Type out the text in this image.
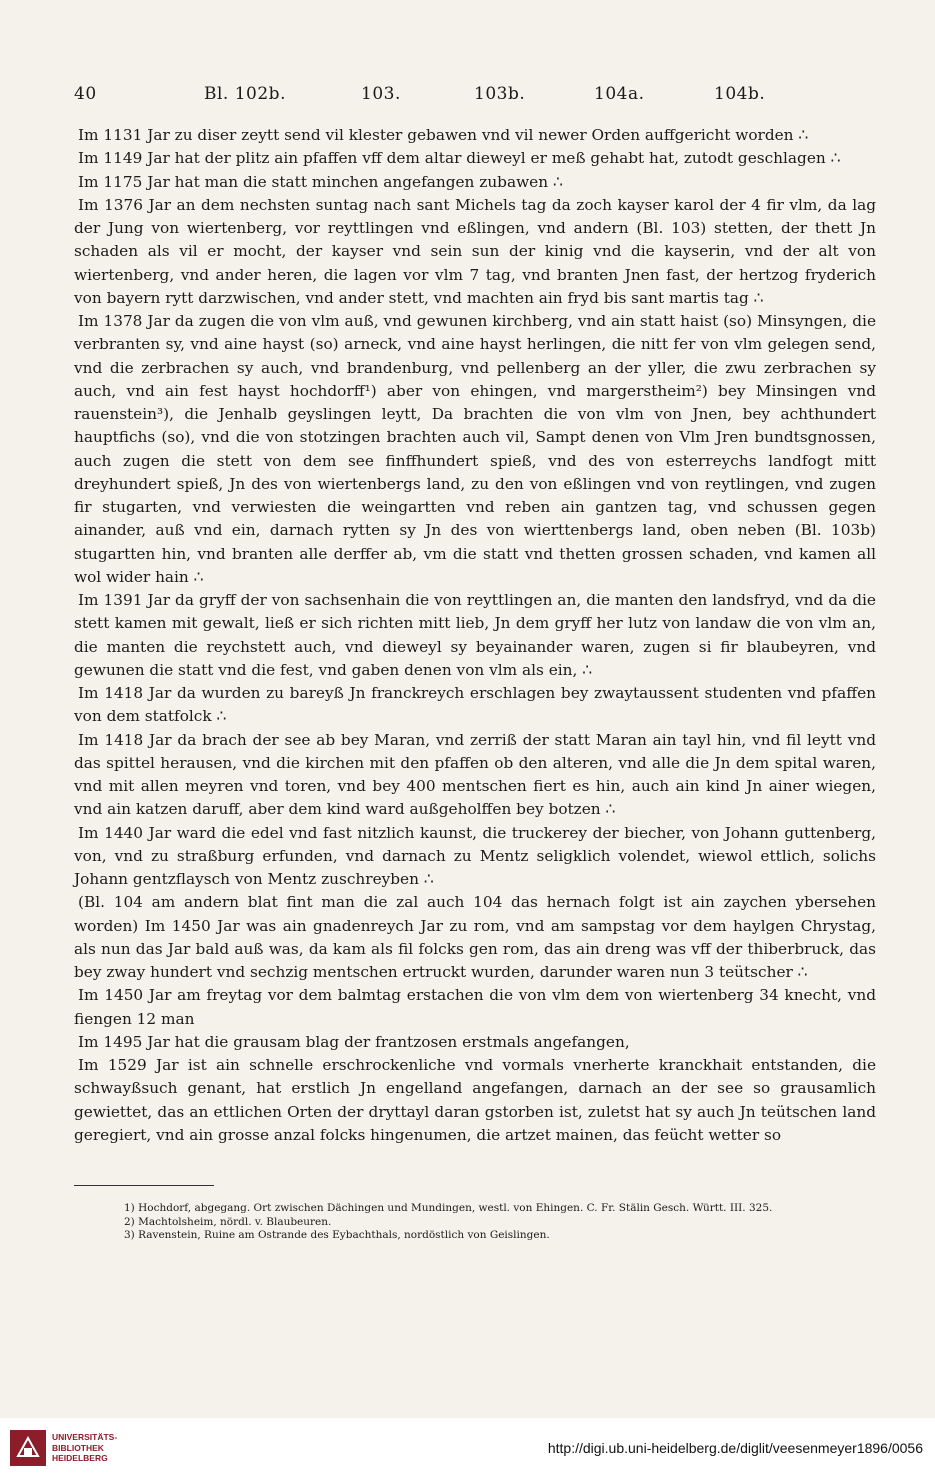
40	Bl. 102b.	103.	103b.	104a.	104b.

Im 1131 Jar zu diser zeytt send vil klester gebawen vnd vil newer Orden auffgericht worden ∴

Im 1149 Jar hat der plitz ain pfaffen vff dem altar dieweyl er meß gehabt hat, zutodt geschlagen ∴

Im 1175 Jar hat man die statt minchen angefangen zubawen ∴

Im 1376 Jar an dem nechsten suntag nach sant Michels tag da zoch kayser karol der 4 fir vlm, da lag der Jung von wiertenberg, vor reyttlingen vnd eßlingen, vnd andern (Bl. 103) stetten, der thett Jn schaden als vil er mocht, der kayser vnd sein sun der kinig vnd die kayserin, vnd der alt von wiertenberg, vnd ander heren, die lagen vor vlm 7 tag, vnd branten Jnen fast, der hertzog fryderich von bayern rytt darzwischen, vnd ander stett, vnd machten ain fryd bis sant martis tag ∴

Im 1378 Jar da zugen die von vlm auß, vnd gewunen kirchberg, vnd ain statt haist (so) Minsyngen, die verbranten sy, vnd aine hayst (so) arneck, vnd aine hayst herlingen, die nitt fer von vlm gelegen send, vnd die zerbrachen sy auch, vnd brandenburg, vnd pellenberg an der yller, die zwu zerbrachen sy auch, vnd ain fest hayst hochdorff¹) aber von ehingen, vnd margerstheim²) bey Minsingen vnd rauenstein³), die Jenhalb geyslingen leytt, Da brachten die von vlm von Jnen, bey achthundert hauptfichs (so), vnd die von stotzingen brachten auch vil, Sampt denen von Vlm Jren bundtsgnossen, auch zugen die stett von dem see finffhundert spieß, vnd des von esterreychs landfogt mitt dreyhundert spieß, Jn des von wiertenbergs land, zu den von eßlingen vnd von reytlingen, vnd zugen fir stugarten, vnd verwiesten die weingartten vnd reben ain gantzen tag, vnd schussen gegen ainander, auß vnd ein, darnach rytten sy Jn des von wierttenbergs land, oben neben (Bl. 103b) stugartten hin, vnd branten alle derffer ab, vm die statt vnd thetten grossen schaden, vnd kamen all wol wider hain ∴

Im 1391 Jar da gryff der von sachsenhain die von reyttlingen an, die manten den landsfryd, vnd da die stett kamen mit gewalt, ließ er sich richten mitt lieb, Jn dem gryff her lutz von landaw die von vlm an, die manten die reychstett auch, vnd dieweyl sy beyainander waren, zugen si fir blaubeyren, vnd gewunen die statt vnd die fest, vnd gaben denen von vlm als ein, ∴

Im 1418 Jar da wurden zu bareyß Jn franckreych erschlagen bey zwaytaussent studenten vnd pfaffen von dem statfolck ∴

Im 1418 Jar da brach der see ab bey Maran, vnd zerriß der statt Maran ain tayl hin, vnd fil leytt vnd das spittel herausen, vnd die kirchen mit den pfaffen ob den alteren, vnd alle die Jn dem spital waren, vnd mit allen meyren vnd toren, vnd bey 400 mentschen fiert es hin, auch ain kind Jn ainer wiegen, vnd ain katzen daruff, aber dem kind ward außgeholffen bey botzen ∴

Im 1440 Jar ward die edel vnd fast nitzlich kaunst, die truckerey der biecher, von Johann guttenberg, von, vnd zu straßburg erfunden, vnd darnach zu Mentz seligklich volendet, wiewol ettlich, solichs Johann gentzflaysch von Mentz zuschreyben ∴

(Bl. 104 am andern blat fint man die zal auch 104 das hernach folgt ist ain zaychen ybersehen worden) Im 1450 Jar was ain gnadenreych Jar zu rom, vnd am sampstag vor dem haylgen Chrystag, als nun das Jar bald auß was, da kam als fil folcks gen rom, das ain dreng was vff der thiberbruck, das bey zway hundert vnd sechzig mentschen ertruckt wurden, darunder waren nun 3 teütscher ∴

Im 1450 Jar am freytag vor dem balmtag erstachen die von vlm dem von wiertenberg 34 knecht, vnd fiengen 12 man

Im 1495 Jar hat die grausam blag der frantzosen erstmals angefangen,

Im 1529 Jar ist ain schnelle erschrockenliche vnd vormals vnerherte kranckhait entstanden, die schwayßsuch genant, hat erstlich Jn engelland angefangen, darnach an der see so grausamlich gewiettet, das an ettlichen Orten der dryttayl daran gstorben ist, zuletst hat sy auch Jn teütschen land geregiert, vnd ain grosse anzal folcks hingenumen, die artzet mainen, das feücht wetter so

1) Hochdorf, abgegang. Ort zwischen Dächingen und Mundingen, westl. von Ehingen. C. Fr. Stälin Gesch. Württ. III. 325.
2) Machtolsheim, nördl. v. Blaubeuren.
3) Ravenstein, Ruine am Ostrande des Eybachthals, nordöstlich von Geislingen.
UNIVERSITÄTS-
BIBLIOTHEK
HEIDELBERG
http://digi.ub.uni-heidelberg.de/diglit/veesenmeyer1896/0056
